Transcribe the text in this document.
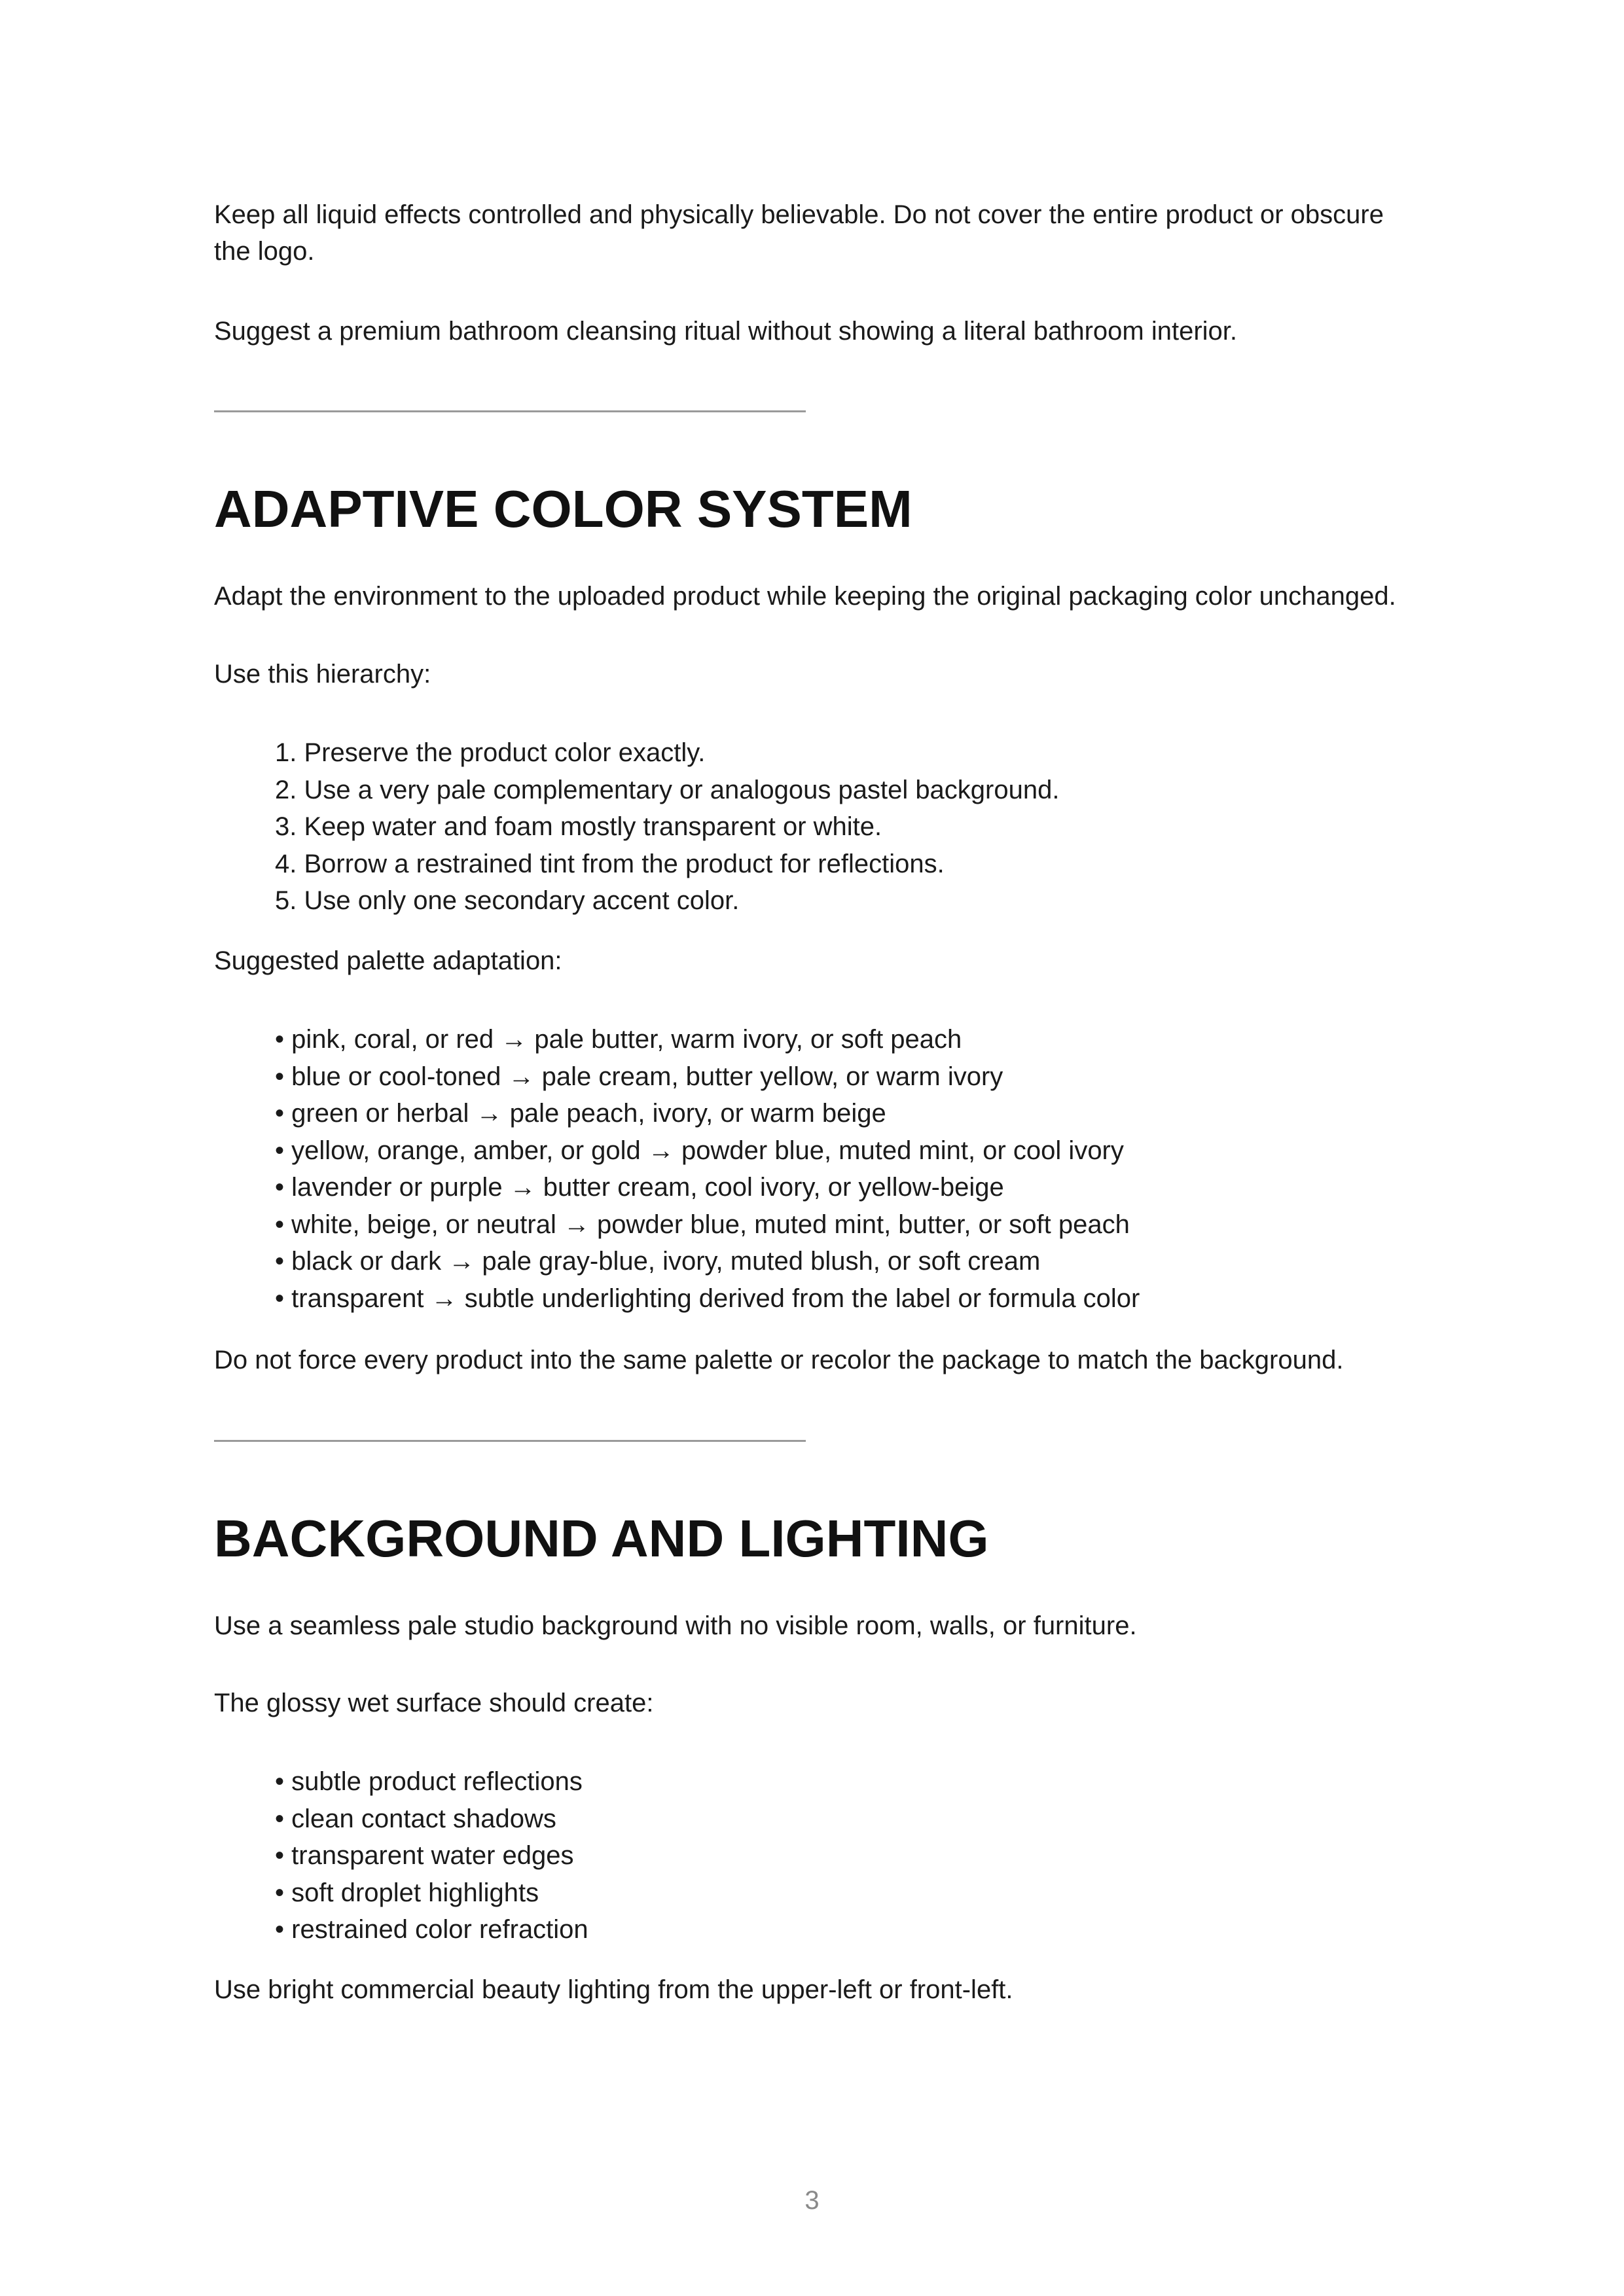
Keep all liquid effects controlled and physically believable. Do not cover the entire product or obscure the logo.

Suggest a premium bathroom cleansing ritual without showing a literal bathroom interior.

ADAPTIVE COLOR SYSTEM

Adapt the environment to the uploaded product while keeping the original packaging color unchanged.

Use this hierarchy:

1. Preserve the product color exactly.
2. Use a very pale complementary or analogous pastel background.
3. Keep water and foam mostly transparent or white.
4. Borrow a restrained tint from the product for reflections.
5. Use only one secondary accent color.

Suggested palette adaptation:

• pink, coral, or red → pale butter, warm ivory, or soft peach
• blue or cool-toned → pale cream, butter yellow, or warm ivory
• green or herbal → pale peach, ivory, or warm beige
• yellow, orange, amber, or gold → powder blue, muted mint, or cool ivory
• lavender or purple → butter cream, cool ivory, or yellow-beige
• white, beige, or neutral → powder blue, muted mint, butter, or soft peach
• black or dark → pale gray-blue, ivory, muted blush, or soft cream
• transparent → subtle underlighting derived from the label or formula color

Do not force every product into the same palette or recolor the package to match the background.

BACKGROUND AND LIGHTING

Use a seamless pale studio background with no visible room, walls, or furniture.

The glossy wet surface should create:

• subtle product reflections
• clean contact shadows
• transparent water edges
• soft droplet highlights
• restrained color refraction

Use bright commercial beauty lighting from the upper-left or front-left.

3
